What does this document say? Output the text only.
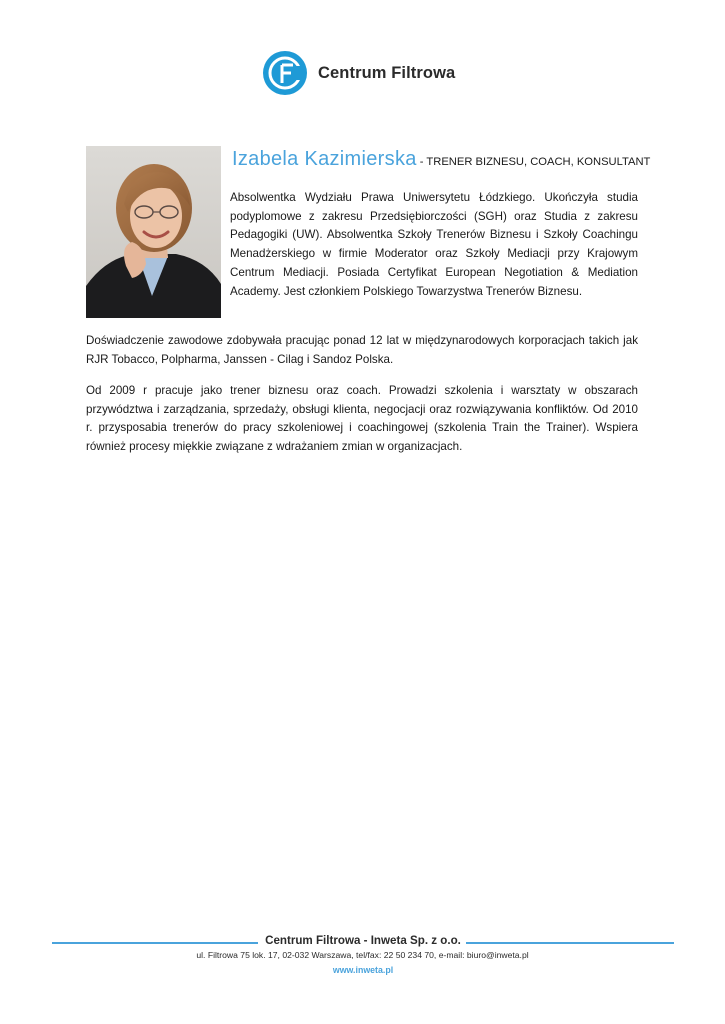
Centrum Filtrowa
Izabela Kazimierska - TRENER BIZNESU, COACH, KONSULTANT
Absolwentka Wydziału Prawa Uniwersytetu Łódzkiego. Ukończyła studia podyplomowe z zakresu Przedsiębiorczości (SGH) oraz Studia z zakresu Pedagogiki (UW). Absolwentka Szkoły Trenerów Biznesu i Szkoły Coachingu Menadżerskiego w firmie Moderator oraz Szkoły Mediacji przy Krajowym Centrum Mediacji. Posiada Certyfikat European Negotiation & Mediation Academy. Jest członkiem Polskiego Towarzystwa Trenerów Biznesu.
Doświadczenie zawodowe zdobywała pracując ponad 12 lat w międzynarodowych korporacjach takich jak RJR Tobacco, Polpharma, Janssen - Cilag i Sandoz Polska.
Od 2009 r pracuje jako trener biznesu oraz coach. Prowadzi szkolenia i warsztaty w obszarach przywództwa i zarządzania, sprzedaży, obsługi klienta, negocjacji oraz rozwiązywania konfliktów. Od 2010 r. przysposabia trenerów do pracy szkoleniowej i coachingowej (szkolenia Train the Trainer). Wspiera również procesy miękkie związane z wdrażaniem zmian w organizacjach.
Centrum Filtrowa - Inweta Sp. z o.o.
ul. Filtrowa 75 lok. 17, 02-032 Warszawa, tel/fax: 22 50 234 70, e-mail: biuro@inweta.pl
www.inweta.pl
